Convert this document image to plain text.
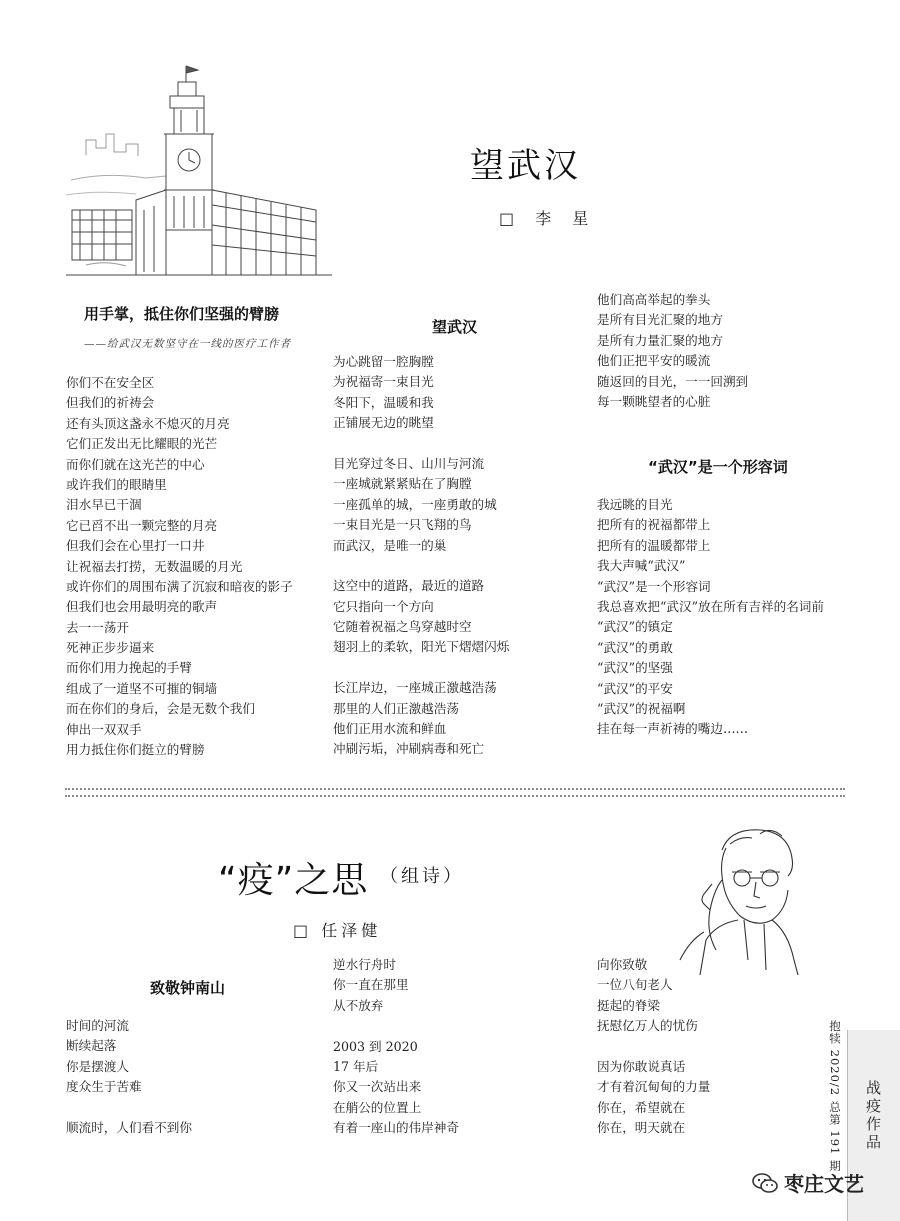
望武汉
□ 李 星
用手掌，抵住你们坚强的臂膀
——给武汉无数坚守在一线的医疗工作者
你们不在安全区
但我们的祈祷会
还有头顶这盏永不熄灭的月亮
它们正发出无比耀眼的光芒
而你们就在这光芒的中心
或许我们的眼睛里
泪水早已干涸
它已舀不出一颗完整的月亮
但我们会在心里打一口井
让祝福去打捞，无数温暖的月光
或许你们的周围布满了沉寂和暗夜的影子
但我们也会用最明亮的歌声
去一一荡开
死神正步步逼来
而你们用力挽起的手臂
组成了一道坚不可摧的铜墙
而在你们的身后，会是无数个我们
伸出一双双手
用力抵住你们挺立的臂膀
望武汉
为心跳留一腔胸膛
为祝福寄一束目光
冬阳下，温暖和我
正铺展无边的眺望
目光穿过冬日、山川与河流
一座城就紧紧贴在了胸膛
一座孤单的城，一座勇敢的城
一束目光是一只飞翔的鸟
而武汉，是唯一的巢
这空中的道路，最近的道路
它只指向一个方向
它随着祝福之鸟穿越时空
翅羽上的柔软，阳光下熠熠闪烁
长江岸边，一座城正激越浩荡
那里的人们正激越浩荡
他们正用水流和鲜血
冲刷污垢，冲刷病毒和死亡
他们高高举起的拳头
是所有目光汇聚的地方
是所有力量汇聚的地方
他们正把平安的暖流
随返回的目光，一一回溯到
每一颗眺望者的心脏
“武汉”是一个形容词
我远眺的目光
把所有的祝福都带上
把所有的温暖都带上
我大声喊“武汉”
“武汉”是一个形容词
我总喜欢把“武汉”放在所有吉祥的名词前
“武汉”的镇定
“武汉”的勇敢
“武汉”的坚强
“武汉”的平安
“武汉”的祝福啊
挂在每一声祈祷的嘴边……
“疫”之思 （组诗）
□ 任泽健
致敬钟南山
时间的河流
断续起落
你是摆渡人
度众生于苦难
顺流时，人们看不到你
逆水行舟时
你一直在那里
从不放弃
2003 到 2020
17 年后
你又一次站出来
在艄公的位置上
有着一座山的伟岸神奇
向你致敬
一位八旬老人
挺起的脊梁
抚慰亿万人的忧伤
因为你敢说真话
才有着沉甸甸的力量
你在，希望就在
你在，明天就在	抱犊 2020/2 总第 191 期 战疫作品
枣庄文艺
